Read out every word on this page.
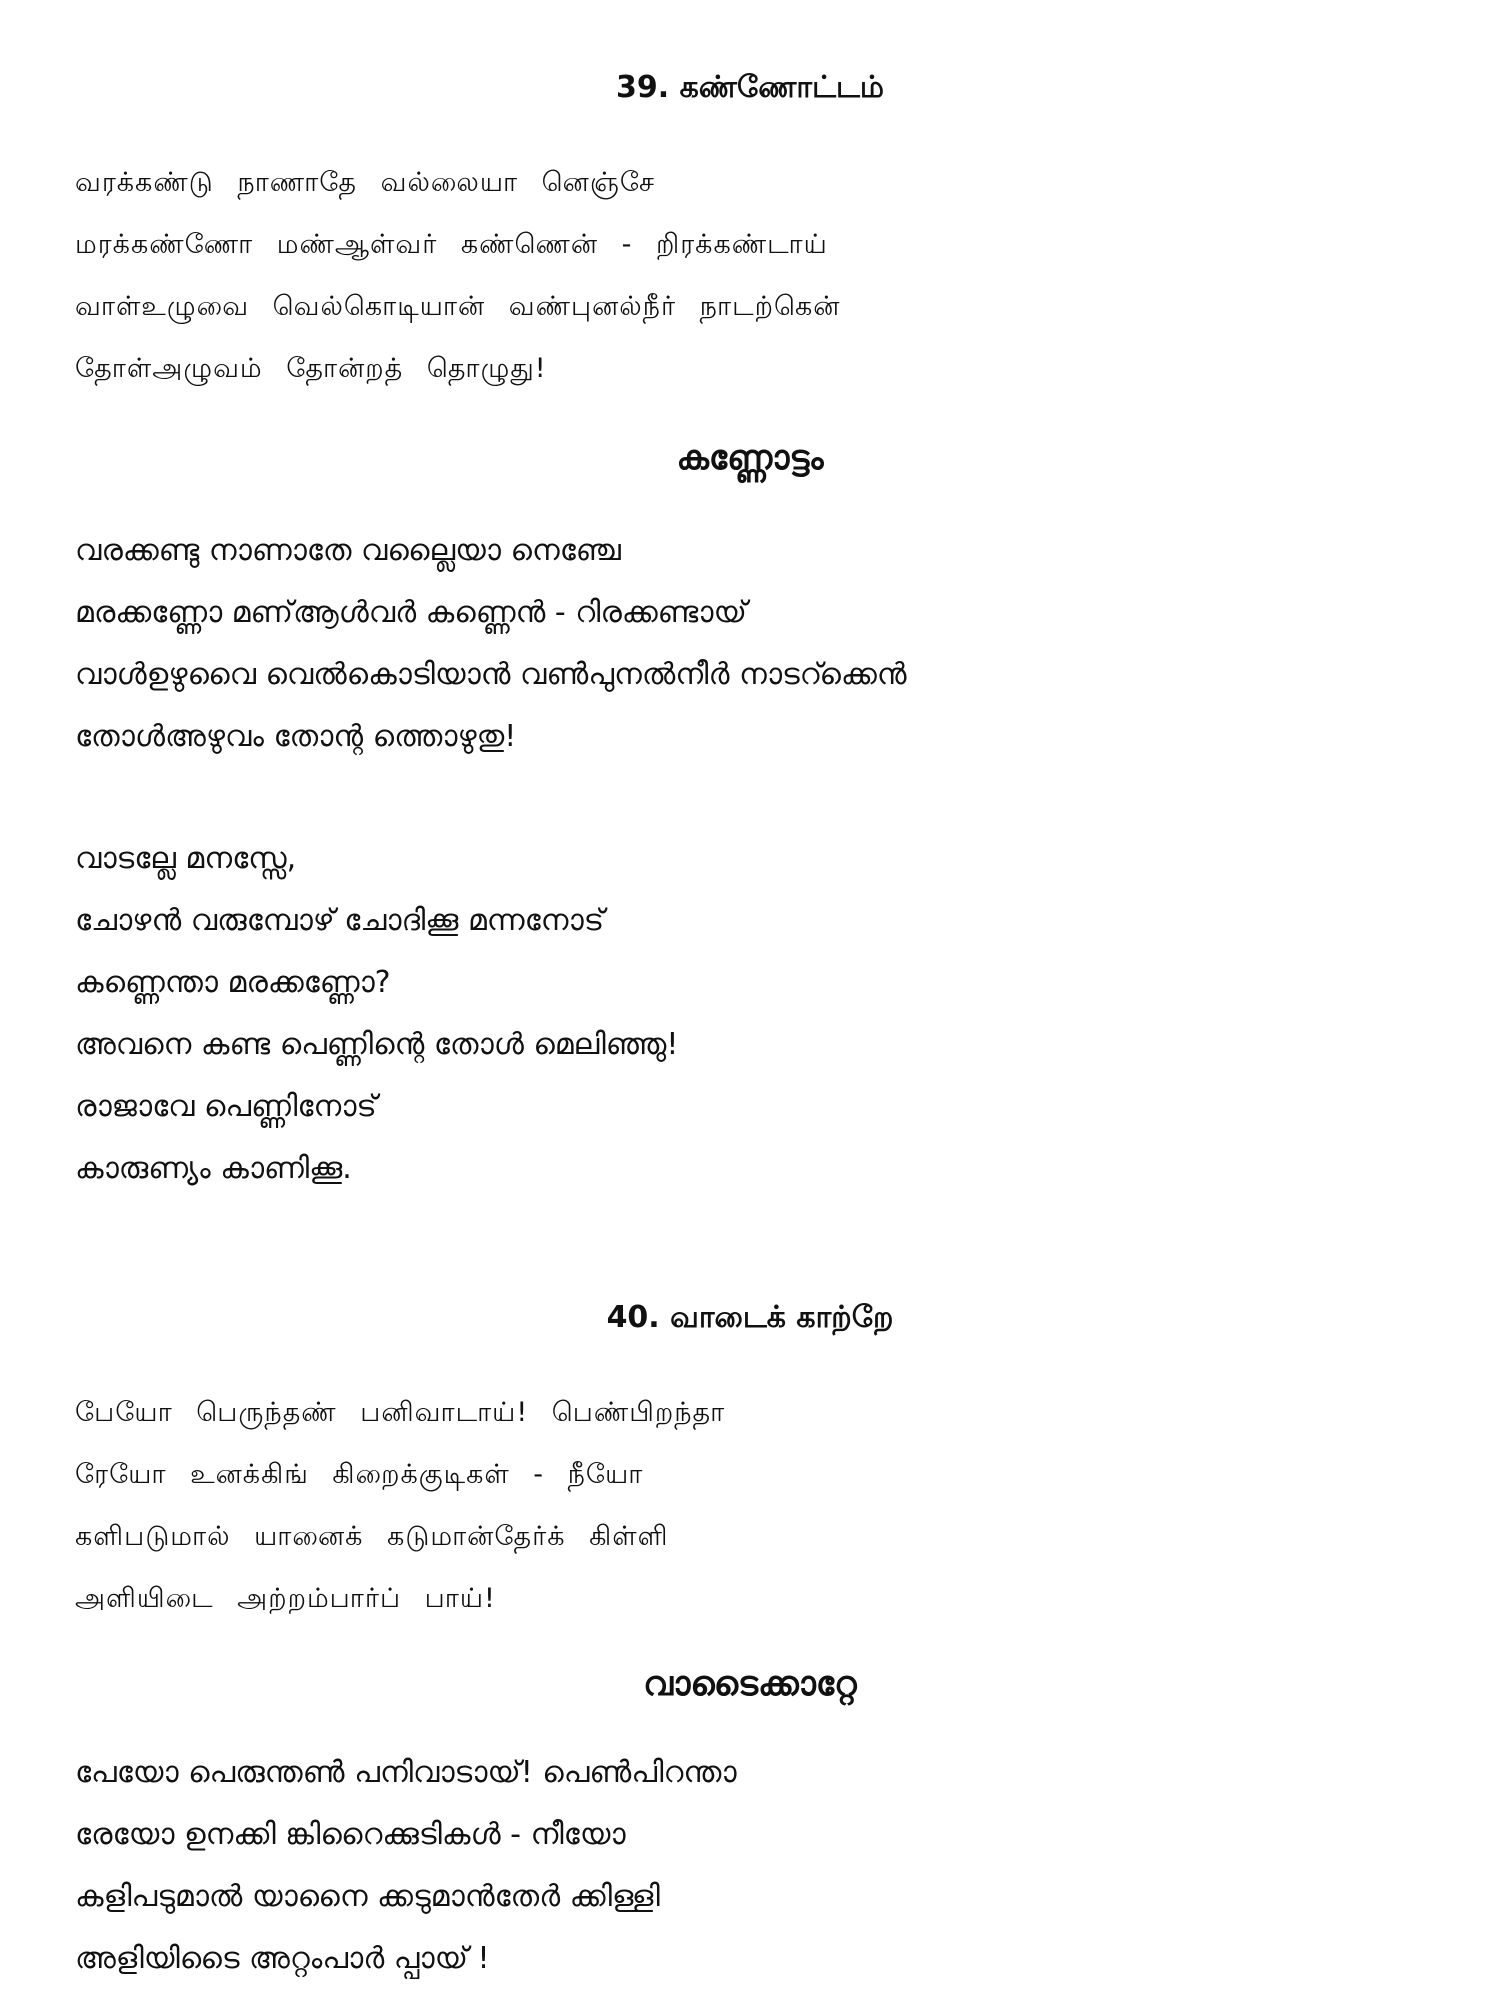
39. கண்ணோட்டம்
வரக்கண்டு நாணாதே வல்லையா னெஞ்சே
மரக்கண்ணோ மண்ஆள்வர் கண்ணென் - றிரக்கண்டாய்
வாள்உழுவை வெல்கொடியான் வண்புனல்நீர் நாடற்கென்
தோள்அழுவம் தோன்றத் தொழுது!
കണ്ണോട്ടം
വരക്കണ്ടു നാണാതേ വല്ലൈയാ നെഞ്ചേ
മരക്കണ്ണോ മണ്ആൾവർ കണ്ണെൻ - റിരക്കണ്ടായ്
വാൾഉഴുവൈ വെൽകൊടിയാൻ വൺപുനൽനീർ നാടറ്ക്കെൻ
തോൾഅഴുവം തോന്റ ത്തൊഴുതു!
വാടല്ലേ മനസ്സേ,
ചോഴൻ വരുമ്പോഴ് ചോദിക്കൂ മന്നനോട്
കണ്ണെന്താ മരക്കണ്ണോ?
അവനെ കണ്ട പെണ്ണിന്റെ തോൾ മെലിഞ്ഞു!
രാജാവേ പെണ്ണിനോട്
കാരുണ്യം കാണിക്കൂ.
40. வாடைக் காற்றே
பேயோ பெருந்தண் பனிவாடாய்! பெண்பிறந்தா
ரேயோ உனக்கிங் கிறைக்குடிகள் - நீயோ
களிபடுமால் யானைக் கடுமான்தேர்க் கிள்ளி
அளியிடை அற்றம்பார்ப் பாய்!
വാടൈക്കാറ്റേ
പേയോ പെരുന്തൺ പനിവാടായ്! പെൺപിറന്താ
രേയോ ഉനക്കി ങ്കിറൈക്കുടികൾ - നീയോ
കളിപടുമാൽ യാനൈ ക്കടുമാൻതേർ ക്കിള്ളി
അളിയിടൈ അറ്റംപാർ പ്പായ് !
